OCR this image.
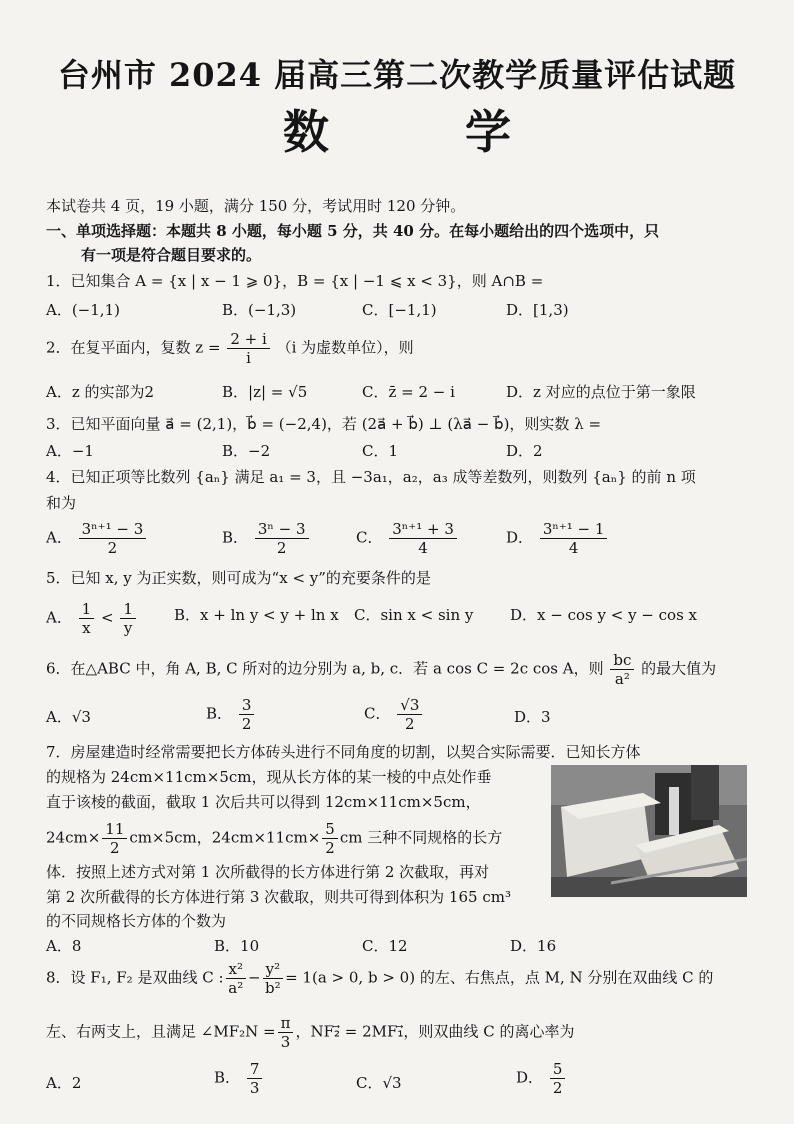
台州市 2024 届高三第二次教学质量评估试题
数 学
本试卷共 4 页，19 小题，满分 150 分，考试用时 120 分钟。
一、单项选择题：本题共 8 小题，每小题 5 分，共 40 分。在每小题给出的四个选项中，只
有一项是符合题目要求的。
1．已知集合 A = {x | x − 1 ⩾ 0}，B = {x | −1 ⩽ x < 3}，则 A∩B =
A．(−1,1)	B．(−1,3)	C．[−1,1)	D．[1,3)
2．在复平面内，复数 $z = \frac{2 + i}{i} (i$ 为虚数单位），则
A．z 的实部为2	B．|z| = √5	C．z̄ = 2 − i	D．z 对应的点位于第一象限
3．已知平面向量 a⃗ = (2,1)，b⃗ = (−2,4)，若 (2a⃗ + b⃗) ⊥ (λa⃗ − b⃗)，则实数 λ =
A．−1	B．−2	C．1	D．2
4．已知正项等比数列 {aₙ} 满足 a₁ = 3，且 −3a₁，a₂，a₃ 成等差数列，则数列 {aₙ} 的前 n 项
和为
A． $\frac{\text{3ⁿ⁺¹ − 3}}{2}$	B． $\frac{\text{3ⁿ − 3}}{2}$	C． $\frac{\text{3ⁿ⁺¹ + 3}}{4}$	D． $\frac{\text{3ⁿ⁺¹ − 1}}{4}$
5．已知 x, y 为正实数，则可成为“x < y”的充要条件的是
A． $\frac{1}{x} < \frac{1}{y}$	B．x + ln y < y + ln x C．sin x < sin y D．x − cos y < y − cos x
6．在△ABC 中，角 A, B, C 所对的边分别为 a, b, c．若 a cos C = 2c cos A，则 $\frac{bc}{\text{a²}}$ 的最大值为
A．√3	B． $\frac{3}{2}$	C． $\frac{√3}{2}$	D．3
7．房屋建造时经常需要把长方体砖头进行不同角度的切割，以契合实际需要．已知长方体
的规格为 24cm×11cm×5cm，现从长方体的某一棱的中点处作垂
直于该棱的截面，截取 1 次后共可以得到 12cm×11cm×5cm，
$24cm\times \frac{11}{2} cm\times 5cm$，$24cm\times 11cm\times \frac{5}{2}$ cm 三种不同规格的长方
体．按照上述方式对第 1 次所截得的长方体进行第 2 次截取，再对
第 2 次所截得的长方体进行第 3 次截取，则共可得到体积为 165 cm³
的不同规格长方体的个数为
A．8	B．10	C．12	D．16
8．设 F₁, F₂ 是双曲线 C : $\frac{\text{x²}}{\text{a²}} - \frac{\text{y²}}{\text{b²}} = 1(a > 0$, b > 0) 的左、右焦点，点 M, N 分别在双曲线 C 的
左、右两支上，且满足 ∠MF₂N = $\frac{\pi}{3}$ ，NF₂⃗ = 2MF₁⃗，则双曲线 C 的离心率为
A．2	B． $\frac{7}{3}$	C．√3	D． $\frac{5}{2}$
